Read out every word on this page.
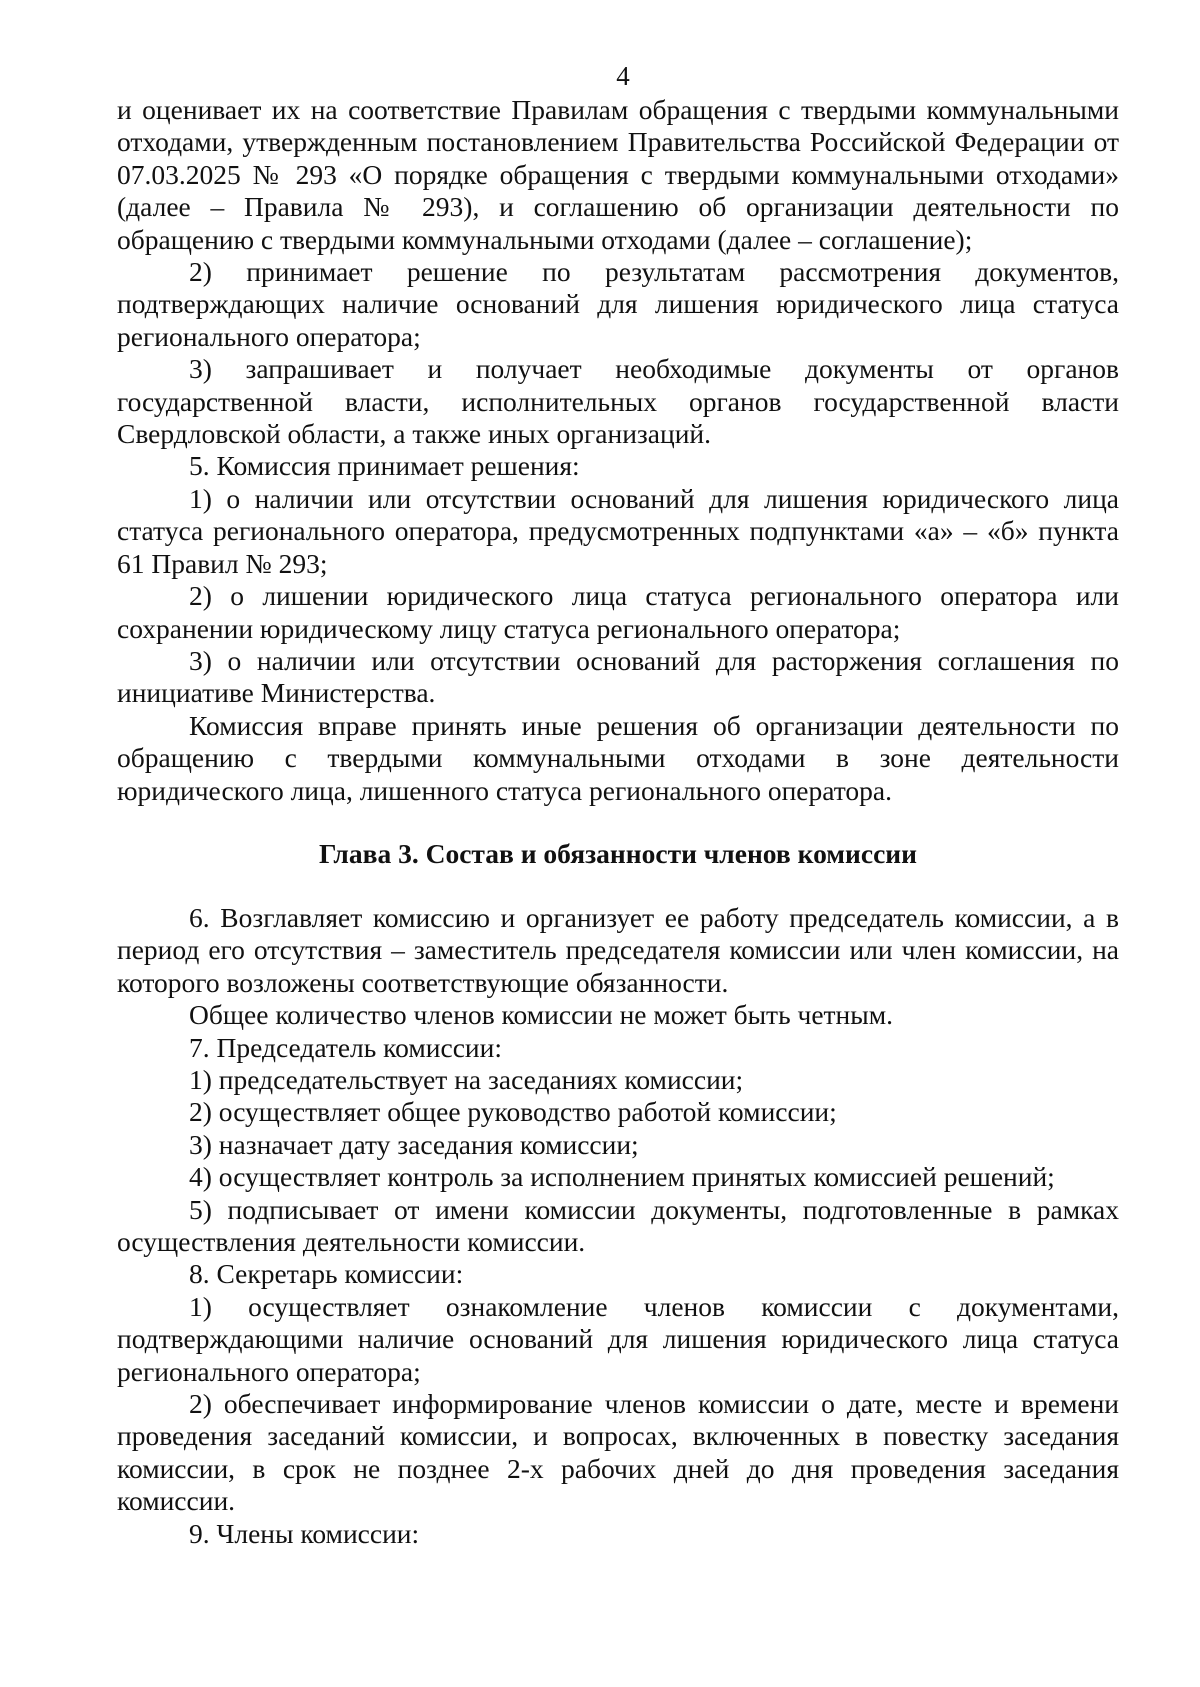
4

и оценивает их на соответствие Правилам обращения с твердыми коммунальными отходами, утвержденным постановлением Правительства Российской Федерации от 07.03.2025 № 293 «О порядке обращения с твердыми коммунальными отходами» (далее – Правила № 293), и соглашению об организации деятельности по обращению с твердыми коммунальными отходами (далее – соглашение);

2) принимает решение по результатам рассмотрения документов, подтверждающих наличие оснований для лишения юридического лица статуса регионального оператора;

3) запрашивает и получает необходимые документы от органов государственной власти, исполнительных органов государственной власти Свердловской области, а также иных организаций.

5. Комиссия принимает решения:

1) о наличии или отсутствии оснований для лишения юридического лица статуса регионального оператора, предусмотренных подпунктами «а» – «б» пункта 61 Правил № 293;

2) о лишении юридического лица статуса регионального оператора или сохранении юридическому лицу статуса регионального оператора;

3) о наличии или отсутствии оснований для расторжения соглашения по инициативе Министерства.

Комиссия вправе принять иные решения об организации деятельности по обращению с твердыми коммунальными отходами в зоне деятельности юридического лица, лишенного статуса регионального оператора.

Глава 3. Состав и обязанности членов комиссии

6. Возглавляет комиссию и организует ее работу председатель комиссии, а в период его отсутствия – заместитель председателя комиссии или член комиссии, на которого возложены соответствующие обязанности.

Общее количество членов комиссии не может быть четным.

7. Председатель комиссии:

1) председательствует на заседаниях комиссии;

2) осуществляет общее руководство работой комиссии;

3) назначает дату заседания комиссии;

4) осуществляет контроль за исполнением принятых комиссией решений;

5) подписывает от имени комиссии документы, подготовленные в рамках осуществления деятельности комиссии.

8. Секретарь комиссии:

1) осуществляет ознакомление членов комиссии с документами, подтверждающими наличие оснований для лишения юридического лица статуса регионального оператора;

2) обеспечивает информирование членов комиссии о дате, месте и времени проведения заседаний комиссии, и вопросах, включенных в повестку заседания комиссии, в срок не позднее 2-х рабочих дней до дня проведения заседания комиссии.

9. Члены комиссии:
